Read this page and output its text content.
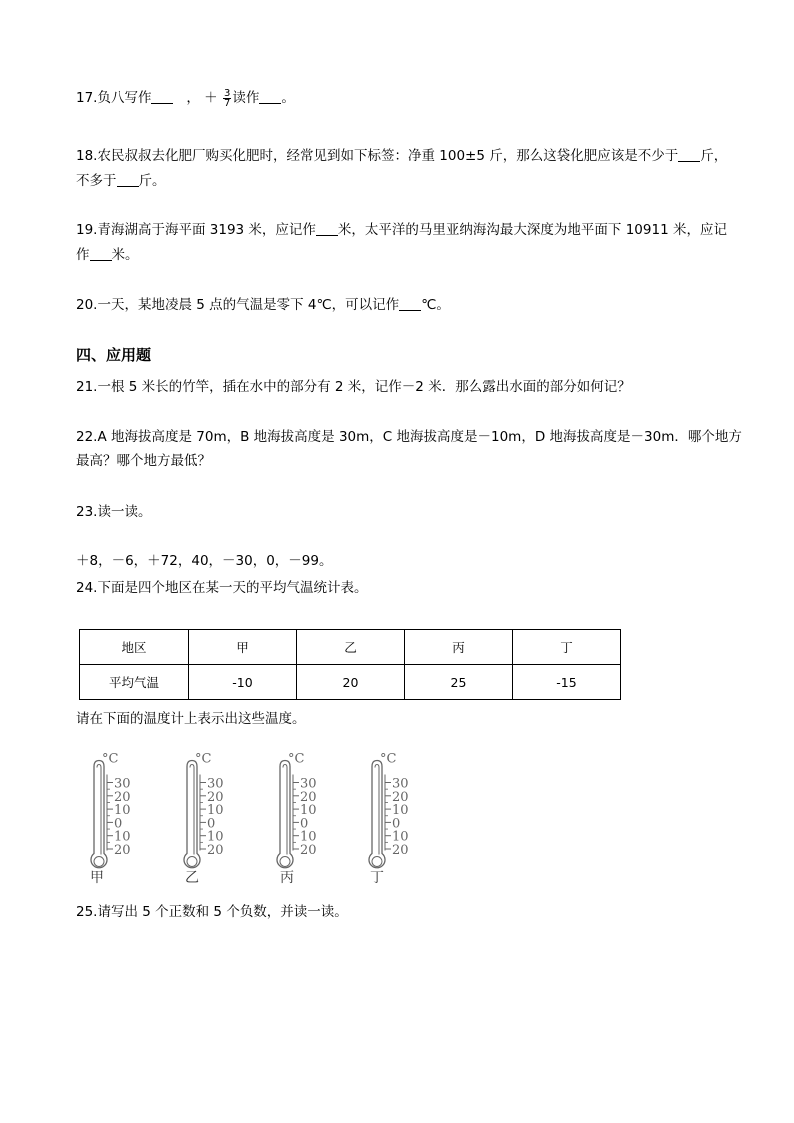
17.负八写作	， ＋ $\frac{3}{7}$ 读作 。
18.农民叔叔去化肥厂购买化肥时，经常见到如下标签：净重 100±5 斤，那么这袋化肥应该是不少于 斤，
不多于 斤。
19.青海湖高于海平面 3193 米，应记作 米，太平洋的马里亚纳海沟最大深度为地平面下 10911 米，应记
作 米。
20.一天，某地凌晨 5 点的气温是零下 4℃，可以记作 ℃。
四、应用题
21.一根 5 米长的竹竿，插在水中的部分有 2 米，记作－2 米．那么露出水面的部分如何记？
22.A 地海拔高度是 70m，B 地海拔高度是 30m，C 地海拔高度是－10m，D 地海拔高度是－30m．哪个地方
最高？哪个地方最低？
23.读一读。
＋8，－6，＋72，40，－30，0，－99。
24.下面是四个地区在某一天的平均气温统计表。
地区	甲	乙	丙	丁
平均气温	-10	20	25	-15
请在下面的温度计上表示出这些温度。
°C
30
20
10
0
10
20
甲
°C
30
20
10
0
10
20
乙
°C
30
20
10
0
10
20
丙
°C
30
20
10
0
10
20
丁
25.请写出 5 个正数和 5 个负数，并读一读。
